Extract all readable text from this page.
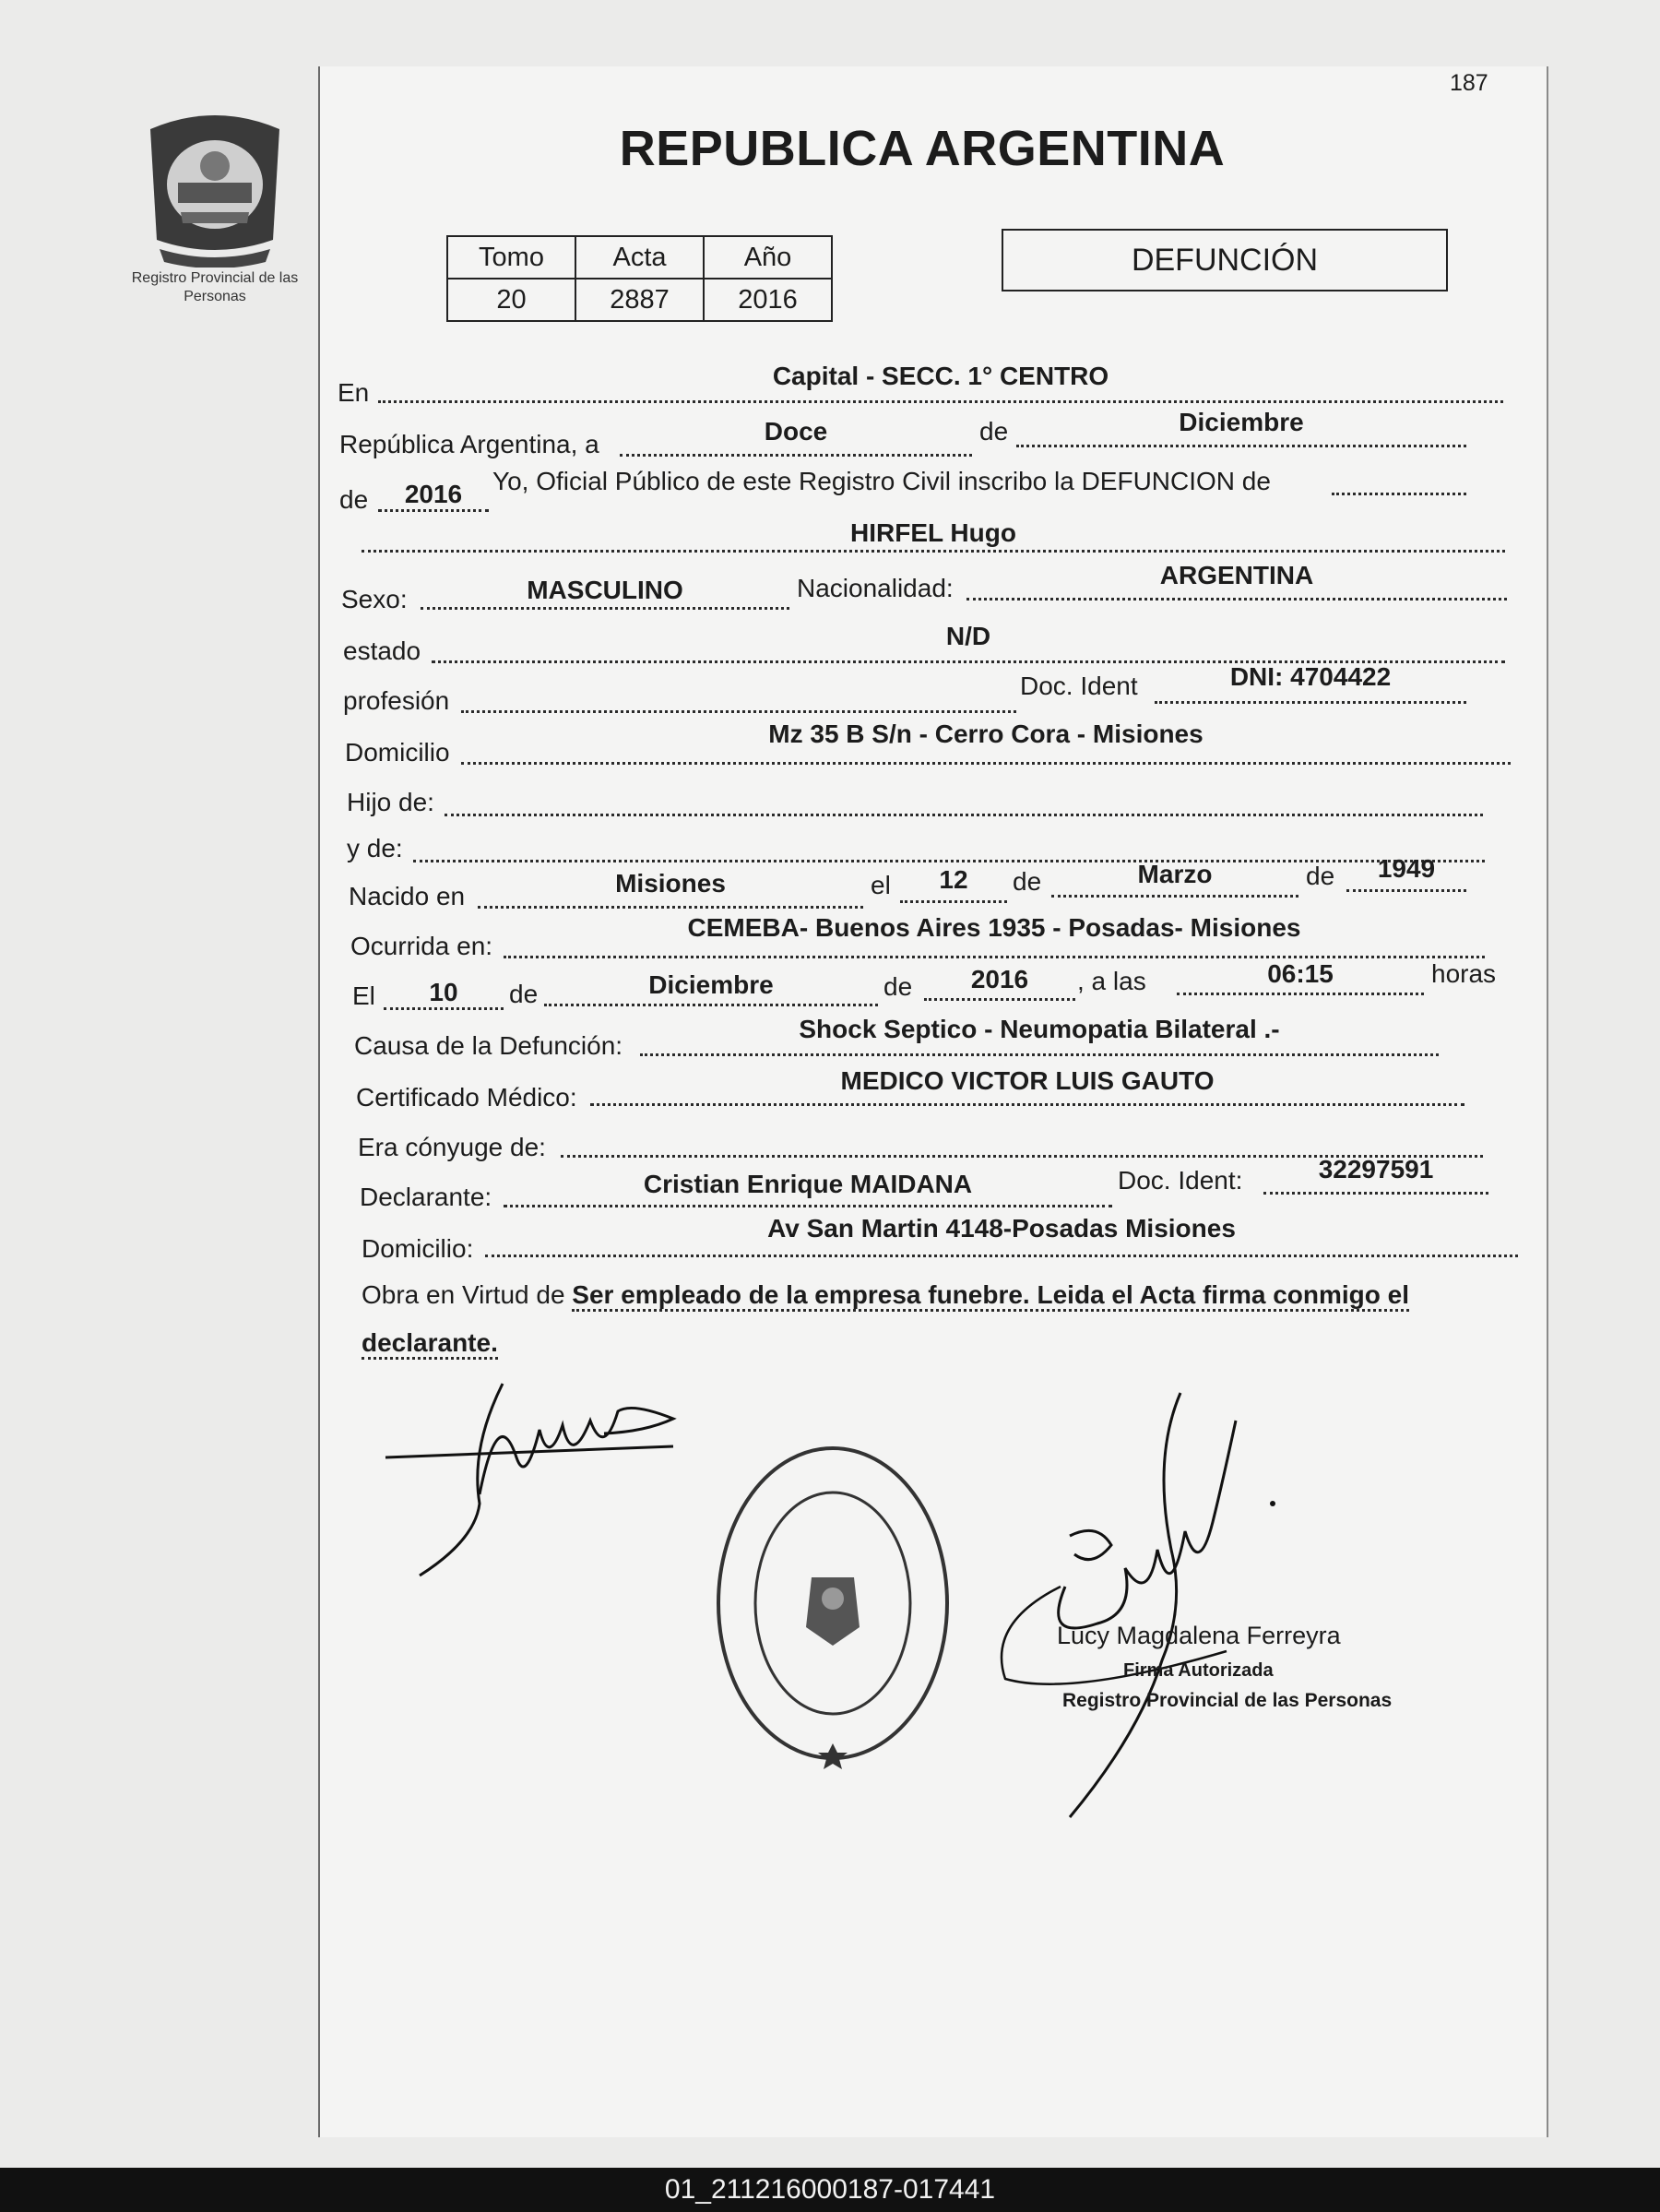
187
Registro Provincial de las Personas
REPUBLICA ARGENTINA
Tomo	Acta	Año
20	2887	2016
DEFUNCIÓN
En
Capital - SECC. 1° CENTRO
República Argentina, a	Doce	de	Diciembre
de	2016	Yo, Oficial Público de este Registro Civil inscribo la DEFUNCION de
HIRFEL Hugo
Sexo:	MASCULINO	Nacionalidad:	ARGENTINA
estado
N/D
profesión
Doc. Ident	DNI: 4704422
Domicilio
Mz 35 B S/n - Cerro Cora - Misiones
Hijo de:
y de:
Nacido en	Misiones	el	12	de	Marzo	de	1949
Ocurrida en:
CEMEBA- Buenos Aires 1935 - Posadas- Misiones
El	10	de	Diciembre	de	2016	, a las	06:15	horas
Causa de la Defunción:
Shock Septico - Neumopatia Bilateral .-
Certificado Médico:
MEDICO VICTOR LUIS GAUTO
Era cónyuge de:
Declarante:	Cristian Enrique MAIDANA	Doc. Ident:	32297591
Domicilio:
Av San Martin 4148-Posadas Misiones
Obra en Virtud de Ser empleado de la empresa funebre. Leida el Acta firma conmigo el declarante.
Lucy Magdalena Ferreyra
Firma Autorizada
Registro Provincial de las Personas
01_211216000187-017441
